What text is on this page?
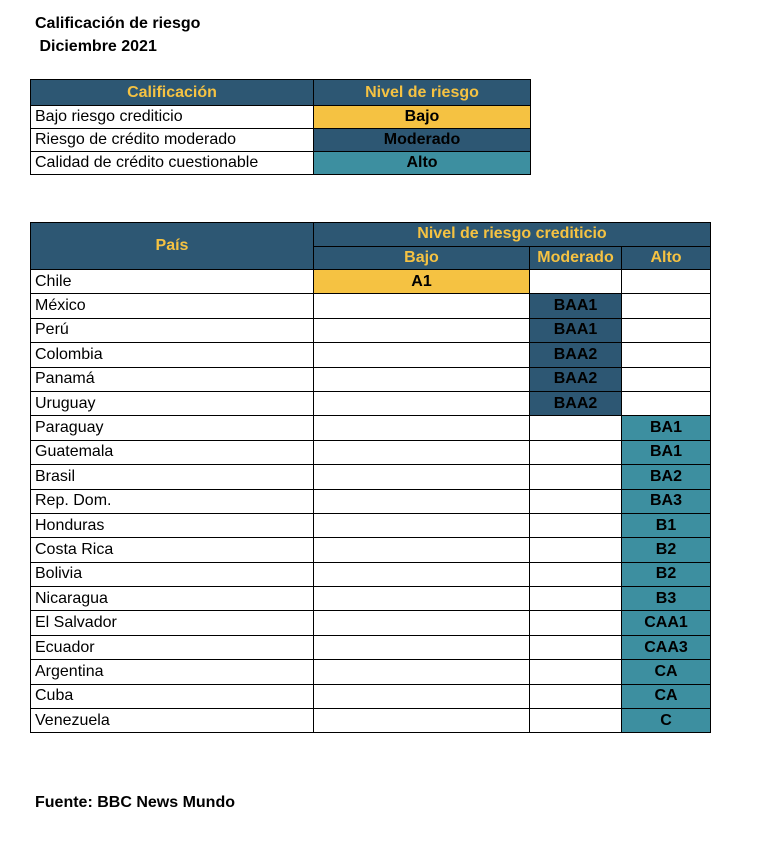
Calificación de riesgo
Diciembre 2021
Calificación	Nivel de riesgo
Bajo riesgo crediticio	Bajo
Riesgo de crédito moderado	Moderado
Calidad de crédito cuestionable	Alto
País	Nivel de riesgo crediticio		
	Bajo	Moderado	Alto
Chile	A1		
México		BAA1	
Perú		BAA1	
Colombia		BAA2	
Panamá		BAA2	
Uruguay		BAA2	
Paraguay			BA1
Guatemala			BA1
Brasil			BA2
Rep. Dom.			BA3
Honduras			B1
Costa Rica			B2
Bolivia			B2
Nicaragua			B3
El Salvador			CAA1
Ecuador			CAA3
Argentina			CA
Cuba			CA
Venezuela			C
Fuente: BBC News Mundo
